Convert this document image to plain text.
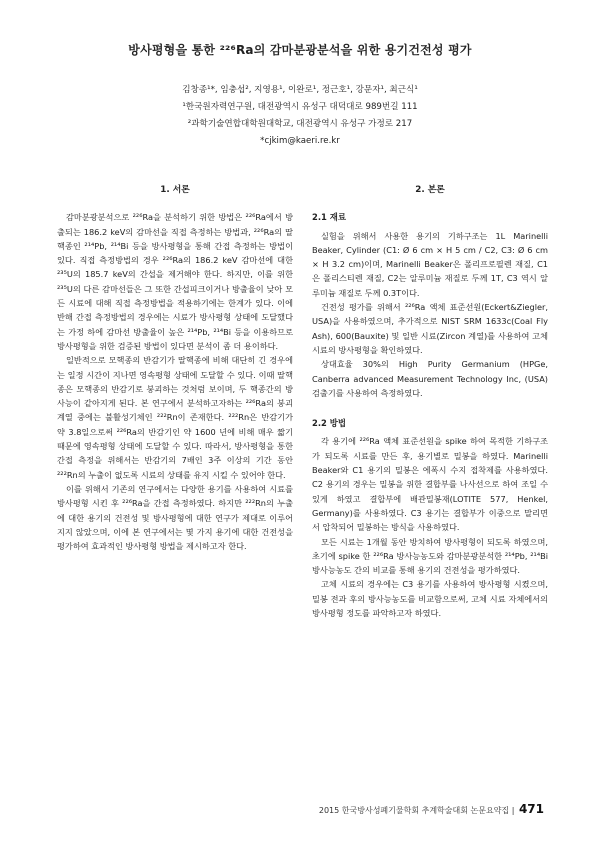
방사평형을 통한 ²²⁶Ra의 감마분광분석을 위한 용기건전성 평가
김창종¹*, 임충섭², 지영용¹, 이완로¹, 정근호¹, 강문자¹, 최근식¹
¹한국원자력연구원, 대전광역시 유성구 대덕대로 989번길 111
²과학기술연합대학원대학교, 대전광역시 유성구 가정로 217
*cjkim@kaeri.re.kr
1. 서론

감마분광분석으로 ²²⁶Ra을 분석하기 위한 방법은 ²²⁶Ra에서 방출되는 186.2 keV의 감마선을 직접 측정하는 방법과, ²²⁶Ra의 딸핵종인 ²¹⁴Pb, ²¹⁴Bi 등을 방사평형을 통해 간접 측정하는 방법이 있다. 직접 측정방법의 경우 ²²⁶Ra의 186.2 keV 감마선에 대한 ²³⁵U의 185.7 keV의 간섭을 제거해야 한다. 하지만, 이를 위한 ²³⁵U의 다른 감마선들은 그 또한 간섭피크이거나 방출율이 낮아 모든 시료에 대해 직접 측정방법을 적용하기에는 한계가 있다. 이에 반해 간접 측정방법의 경우에는 시료가 방사평형 상태에 도달했다는 가정 하에 감마선 방출율이 높은 ²¹⁴Pb, ²¹⁴Bi 등을 이용하므로 방사평형을 위한 검증된 방법이 있다면 분석이 좀 더 용이하다.

일반적으로 모핵종의 반감기가 딸핵종에 비해 대단히 긴 경우에는 일정 시간이 지나면 영속평형 상태에 도달할 수 있다. 이때 딸핵종은 모핵종의 반감기로 붕괴하는 것처럼 보이며, 두 핵종간의 방사능이 같아지게 된다. 본 연구에서 분석하고자하는 ²²⁶Ra의 붕괴계열 중에는 불활성기체인 ²²²Rn이 존재한다. ²²²Rn은 반감기가 약 3.8일으로써 ²²⁶Ra의 반감기인 약 1600 년에 비해 매우 짧기 때문에 영속평형 상태에 도달할 수 있다. 따라서, 방사평형을 통한 간접 측정을 위해서는 반감기의 7배인 3주 이상의 기간 동안 ²²²Rn의 누출이 없도록 시료의 상태를 유지 시킬 수 있어야 한다.

이를 위해서 기존의 연구에서는 다양한 용기를 사용하여 시료를 방사평형 시킨 후 ²²⁶Ra을 간접 측정하였다. 하지만 ²²²Rn의 누출에 대한 용기의 건전성 및 방사평형에 대한 연구가 제대로 이루어지지 않았으며, 이에 본 연구에서는 몇 가지 용기에 대한 건전성을 평가하여 효과적인 방사평형 방법을 제시하고자 한다.

2. 본론
2.1 재료

실험을 위해서 사용한 용기의 기하구조는 1L Marinelli Beaker, Cylinder (C1: Ø 6 cm × H 5 cm / C2, C3: Ø 6 cm × H 3.2 cm)이며, Marinelli Beaker은 폴리프로필렌 재질, C1은 폴리스티렌 재질, C2는 알루미늄 재질로 두께 1T, C3 역시 알루미늄 재질로 두께 0.3T이다.

건전성 평가를 위해서 ²²⁶Ra 액체 표준선원(Eckert&Ziegler, USA)을 사용하였으며, 추가적으로 NIST SRM 1633c(Coal Fly Ash), 600(Bauxite) 및 일반 시료(Zircon 계열)를 사용하여 고체 시료의 방사평형을 확인하였다.

상대효율 30%의 High Purity Germanium (HPGe, Canberra advanced Measurement Technology Inc, (USA) 검출기를 사용하여 측정하였다.

2.2 방법

각 용기에 ²²⁶Ra 액체 표준선원을 spike 하여 목적한 기하구조가 되도록 시료를 만든 후, 용기별로 밀봉을 하였다. Marinelli Beaker와 C1 용기의 밀봉은 에폭시 수지 접착제를 사용하였다. C2 용기의 경우는 밀봉을 위한 결합부를 나사선으로 하여 조일 수 있게 하였고 결합부에 배관밀봉재(LOTITE 577, Henkel, Germany)를 사용하였다. C3 용기는 결합부가 이중으로 말리면서 압착되어 밀봉하는 방식을 사용하였다.

모든 시료는 1개월 동안 방치하여 방사평형이 되도록 하였으며, 초기에 spike 한 ²²⁶Ra 방사능농도와 감마분광분석한 ²¹⁴Pb, ²¹⁴Bi 방사능농도 간의 비교를 통해 용기의 건전성을 평가하였다.

고체 시료의 경우에는 C3 용기를 사용하여 방사평형 시켰으며, 밀봉 전과 후의 방사능농도를 비교함으로써, 고체 시료 자체에서의 방사평형 정도를 파악하고자 하였다.

2015 한국방사성폐기물학회 추계학술대회 논문요약집 | 471
